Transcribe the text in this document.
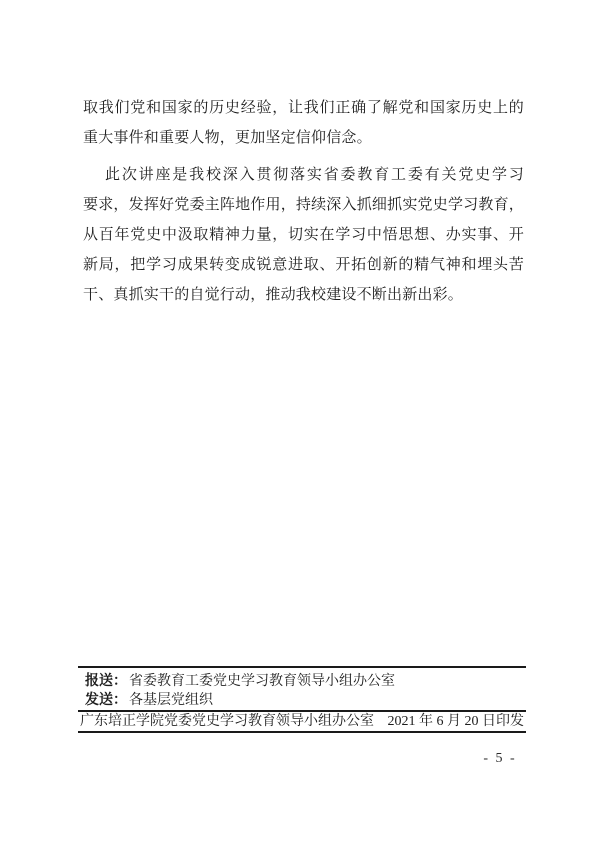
取我们党和国家的历史经验，让我们正确了解党和国家历史上的
重大事件和重要人物，更加坚定信仰信念。
此次讲座是我校深入贯彻落实省委教育工委有关党史学习
要求，发挥好党委主阵地作用，持续深入抓细抓实党史学习教育，
从百年党史中汲取精神力量，切实在学习中悟思想、办实事、开
新局，把学习成果转变成锐意进取、开拓创新的精气神和埋头苦
干、真抓实干的自觉行动，推动我校建设不断出新出彩。
报送： 省委教育工委党史学习教育领导小组办公室
发送： 各基层党组织
广东培正学院党委党史学习教育领导小组办公室 2021 年 6 月 20 日印发
- 5 -
